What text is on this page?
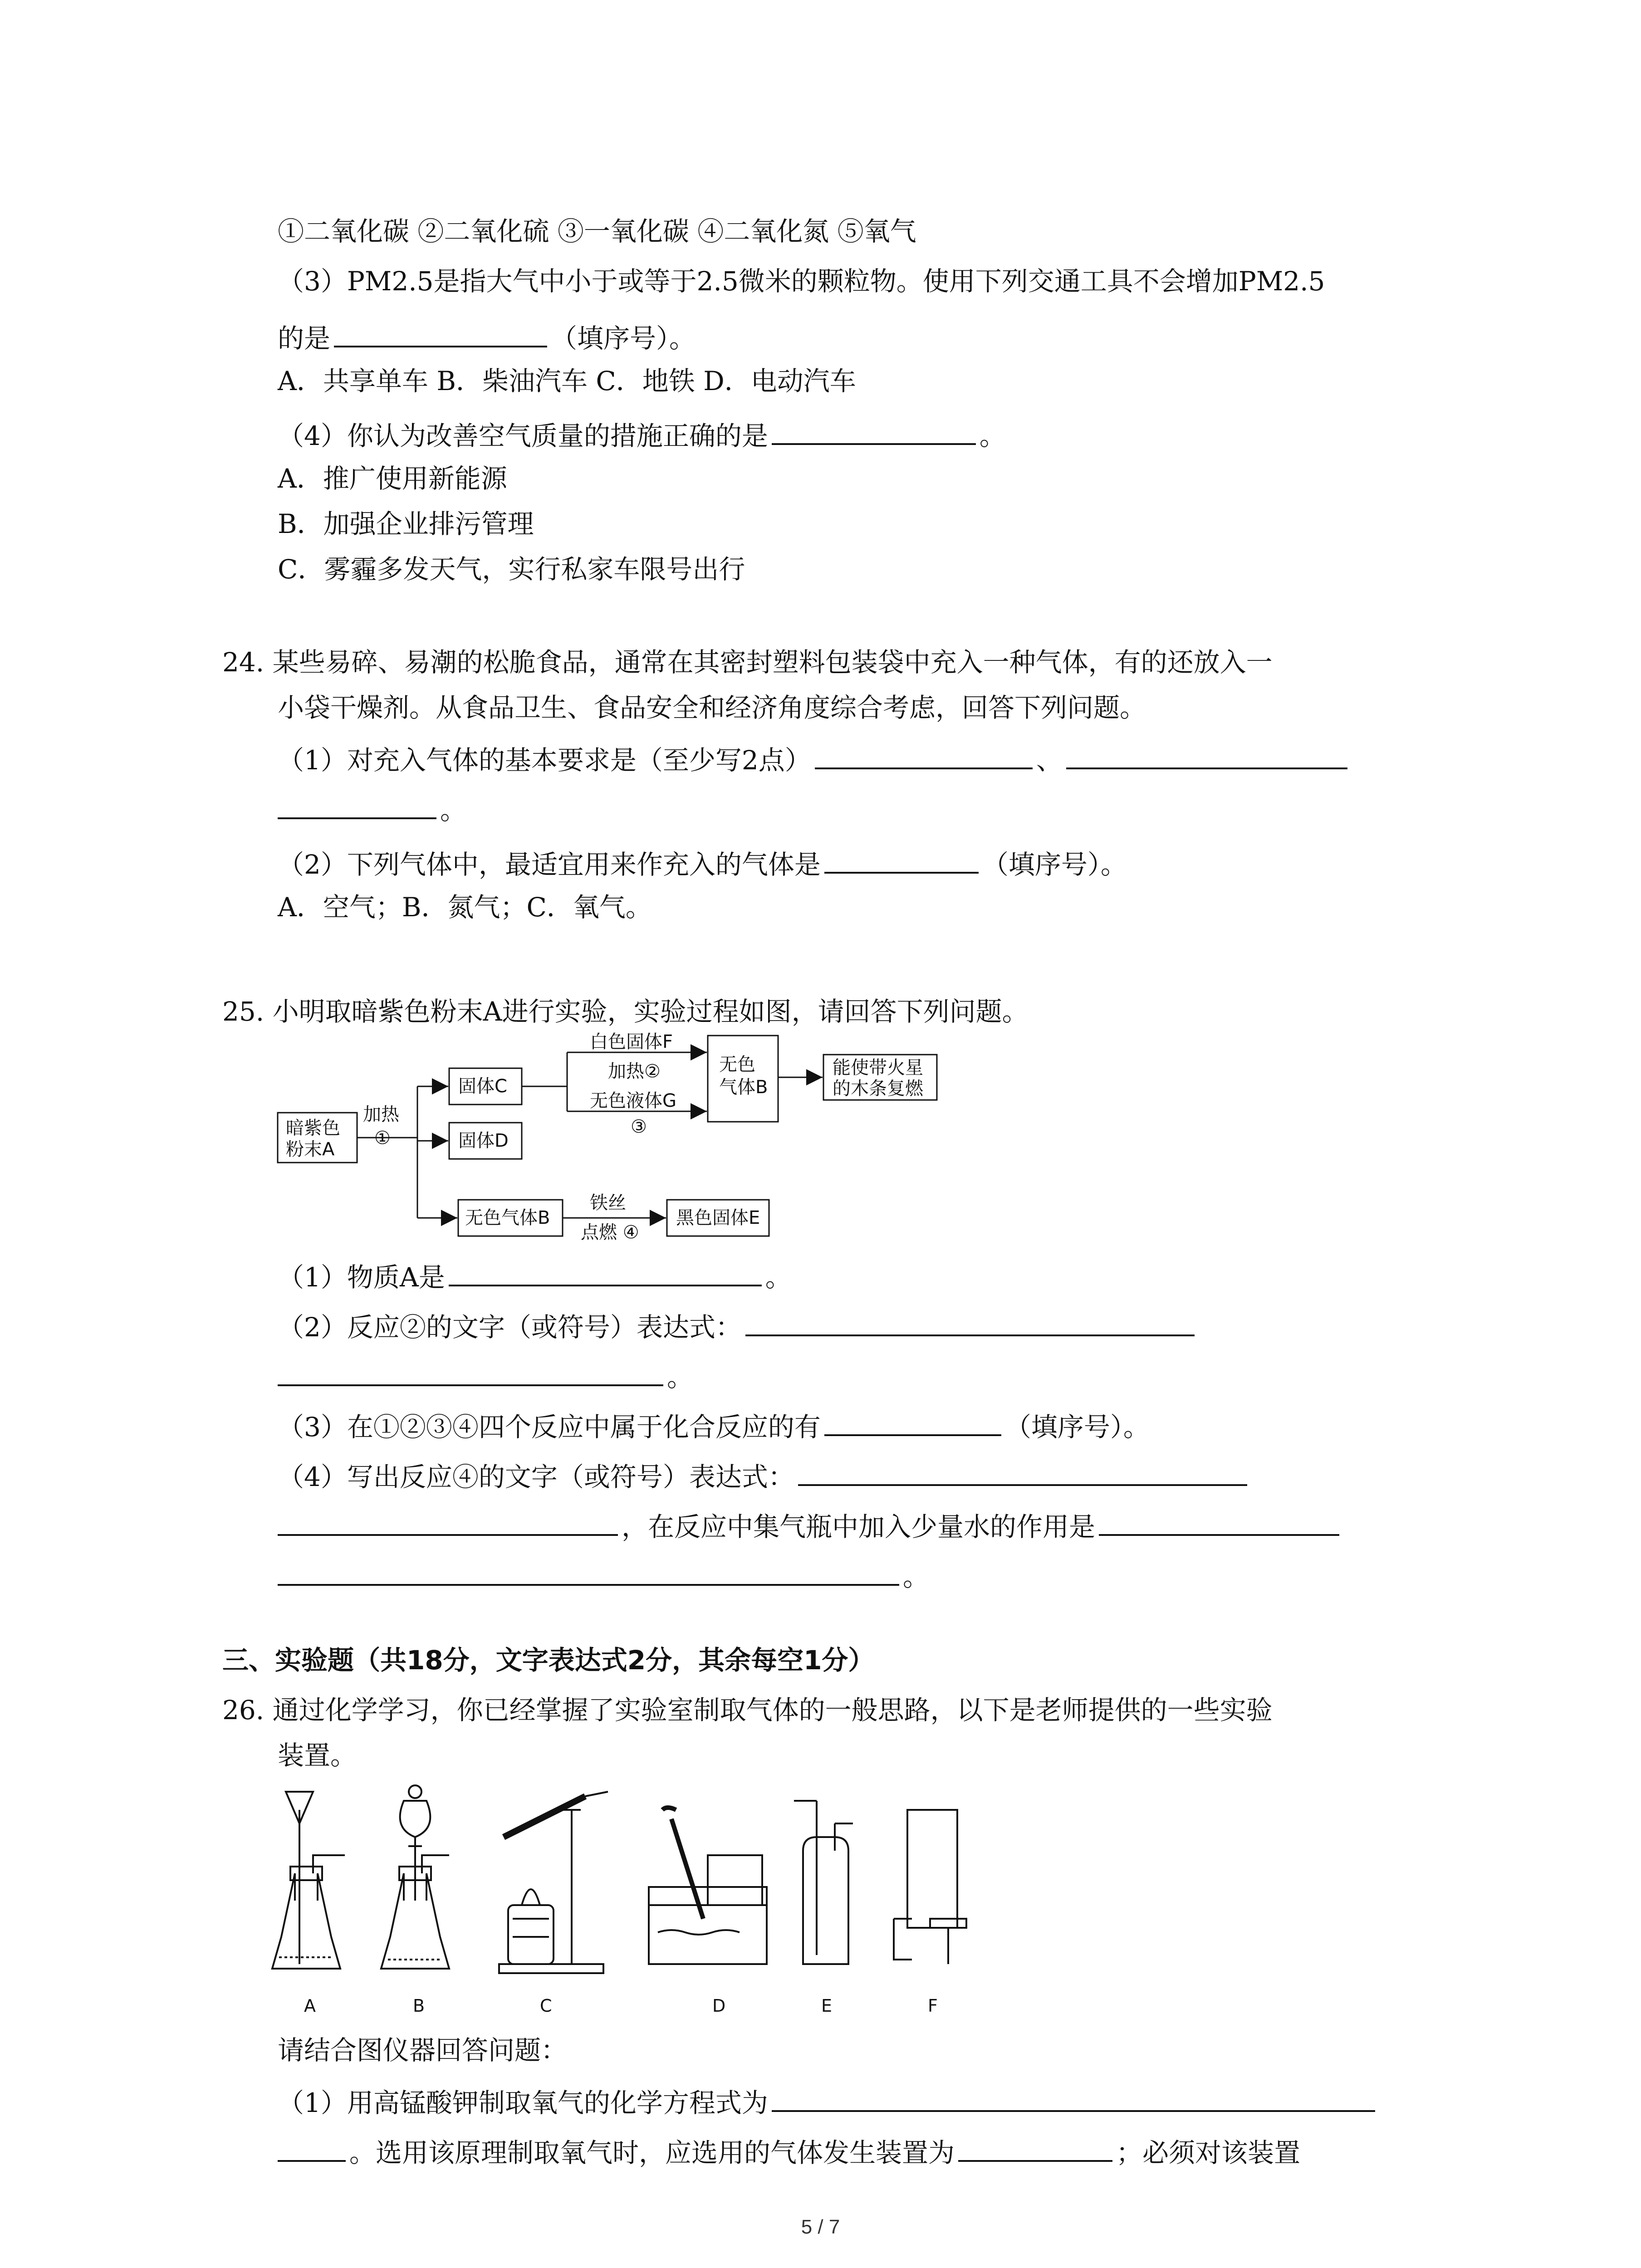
①二氧化碳 ②二氧化硫 ③一氧化碳 ④二氧化氮 ⑤氧气
（3）PM2.5是指大气中小于或等于2.5微米的颗粒物。使用下列交通工具不会增加PM2.5
的是	（填序号）。
A．共享单车 B．柴油汽车 C．地铁 D．电动汽车
（4）你认为改善空气质量的措施正确的是	。
A．推广使用新能源
B．加强企业排污管理
C．雾霾多发天气，实行私家车限号出行
24. 某些易碎、易潮的松脆食品，通常在其密封塑料包装袋中充入一种气体，有的还放入一
小袋干燥剂。从食品卫生、食品安全和经济角度综合考虑，回答下列问题。
（1）对充入气体的基本要求是（至少写2点）	、
。
（2）下列气体中，最适宜用来作充入的气体是	（填序号）。
A．空气；B．氮气；C．氧气。
25. 小明取暗紫色粉末A进行实验，实验过程如图，请回答下列问题。
暗紫色
粉末A
加热
①
固体C
固体D
无色气体B
白色固体F
加热②
无色液体G
③
无色
气体B
能使带火星
的木条复燃
铁丝
点燃 ④
黑色固体E
（1）物质A是	。
（2）反应②的文字（或符号）表达式：
。
（3）在①②③④四个反应中属于化合反应的有	（填序号）。
（4）写出反应④的文字（或符号）表达式：
，在反应中集气瓶中加入少量水的作用是
。
三、实验题（共18分，文字表达式2分，其余每空1分）
26. 通过化学学习，你已经掌握了实验室制取气体的一般思路，以下是老师提供的一些实验
装置。
A	B	C	D	E	F
请结合图仪器回答问题：
（1）用高锰酸钾制取氧气的化学方程式为
。选用该原理制取氧气时，应选用的气体发生装置为	；必须对该装置
5 / 7
